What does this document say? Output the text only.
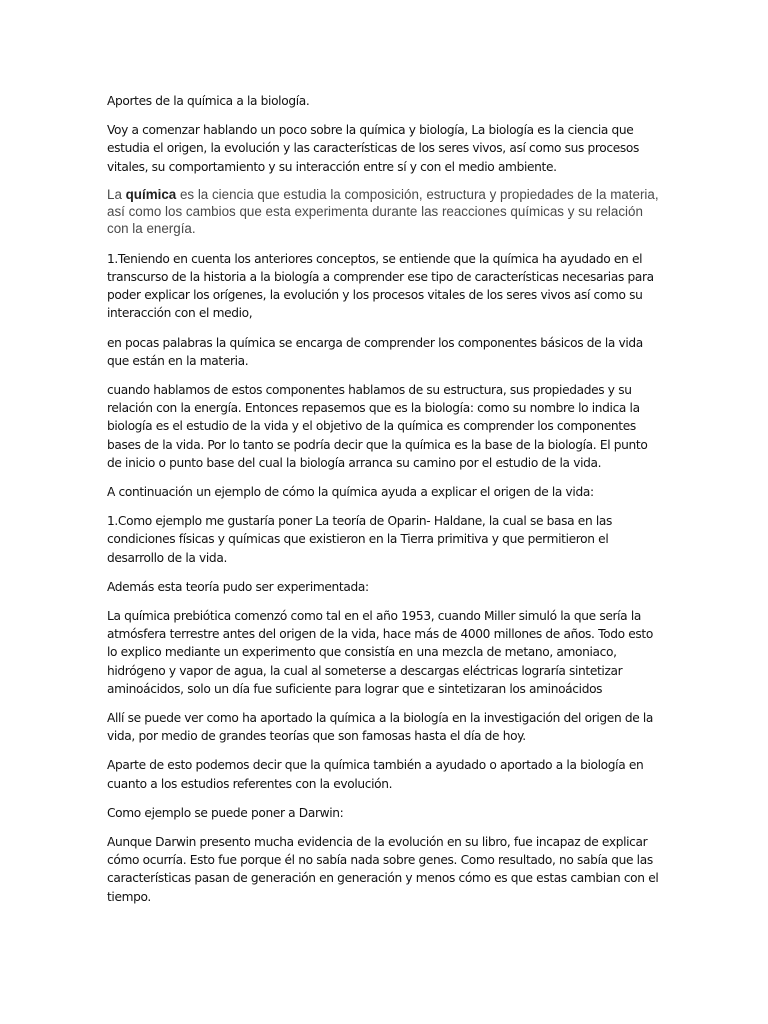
Aportes de la química a la biología.

Voy a comenzar hablando un poco sobre la química y biología, La biología es la ciencia que estudia el origen, la evolución y las características de los seres vivos, así como sus procesos vitales, su comportamiento y su interacción entre sí y con el medio ambiente.

La química es la ciencia que estudia la composición, estructura y propiedades de la materia, así como los cambios que esta experimenta durante las reacciones químicas y su relación con la energía.

1.Teniendo en cuenta los anteriores conceptos, se entiende que la química ha ayudado en el transcurso de la historia a la biología a comprender ese tipo de características necesarias para poder explicar los orígenes, la evolución y los procesos vitales de los seres vivos así como su interacción con el medio,

en pocas palabras la química se encarga de comprender los componentes básicos de la vida que están en la materia.

cuando hablamos de estos componentes hablamos de su estructura, sus propiedades y su relación con la energía. Entonces repasemos que es la biología: como su nombre lo indica la biología es el estudio de la vida y el objetivo de la química es comprender los componentes bases de la vida. Por lo tanto se podría decir que la química es la base de la biología. El punto de inicio o punto base del cual la biología arranca su camino por el estudio de la vida.

A continuación un ejemplo de cómo la química ayuda a explicar el origen de la vida:

1.Como ejemplo me gustaría poner La teoría de Oparin- Haldane, la cual se basa en las condiciones físicas y químicas que existieron en la Tierra primitiva y que permitieron el desarrollo de la vida.

Además esta teoría pudo ser experimentada:

La química prebiótica comenzó como tal en el año 1953, cuando Miller simuló la que sería la atmósfera terrestre antes del origen de la vida, hace más de 4000 millones de años. Todo esto lo explico mediante un experimento que consistía en una mezcla de metano, amoniaco, hidrógeno y vapor de agua, la cual al someterse a descargas eléctricas lograría sintetizar aminoácidos, solo un día fue suficiente para lograr que e sintetizaran los aminoácidos

Allí se puede ver como ha aportado la química a la biología en la investigación del origen de la vida, por medio de grandes teorías que son famosas hasta el día de hoy.

Aparte de esto podemos decir que la química también a ayudado o aportado a la biología en cuanto a los estudios referentes con la evolución.

Como ejemplo se puede poner a Darwin:

Aunque Darwin presento mucha evidencia de la evolución en su libro, fue incapaz de explicar cómo ocurría. Esto fue porque él no sabía nada sobre genes. Como resultado, no sabía que las características pasan de generación en generación y menos cómo es que estas cambian con el tiempo.
